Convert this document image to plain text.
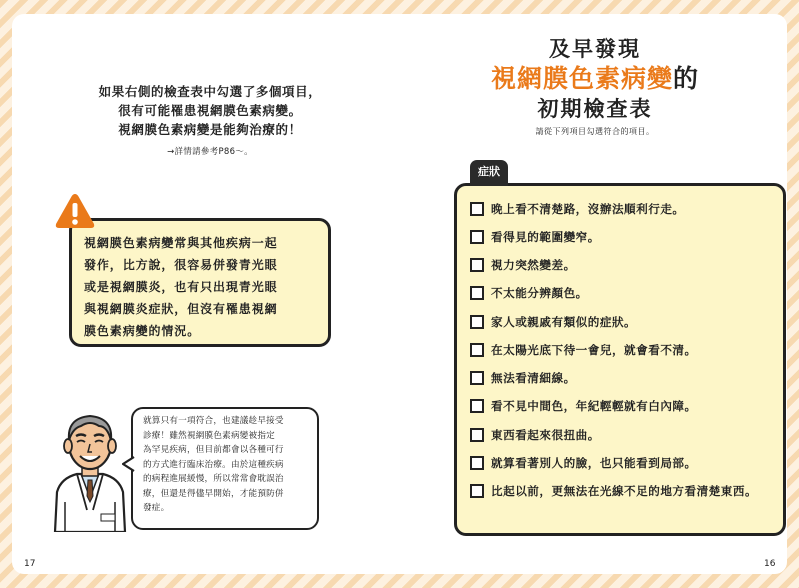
如果右側的檢查表中勾選了多個項目，
很有可能罹患視網膜色素病變。
視網膜色素病變是能夠治療的！
→詳情請參考P86～。
視網膜色素病變常與其他疾病一起
發作，比方說，很容易併發青光眼
或是視網膜炎，也有只出現青光眼
與視網膜炎症狀，但沒有罹患視網
膜色素病變的情況。
就算只有一項符合，也建議趁早接受
診療！雖然視網膜色素病變被指定
為罕見疾病，但目前都會以各種可行
的方式進行臨床治療。由於這種疾病
的病程進展緩慢，所以常常會耽誤治
療，但還是得儘早開始，才能預防併
發症。
17
及早發現
視網膜色素病變的
初期檢查表
請從下列項目勾選符合的項目。
症狀
晚上看不清楚路，沒辦法順利行走。
看得見的範圍變窄。
視力突然變差。
不太能分辨顏色。
家人或親戚有類似的症狀。
在太陽光底下待一會兒，就會看不清。
無法看清細線。
看不見中間色，年紀輕輕就有白內障。
東西看起來很扭曲。
就算看著別人的臉，也只能看到局部。
比起以前，更無法在光線不足的地方看清楚東西。
16
